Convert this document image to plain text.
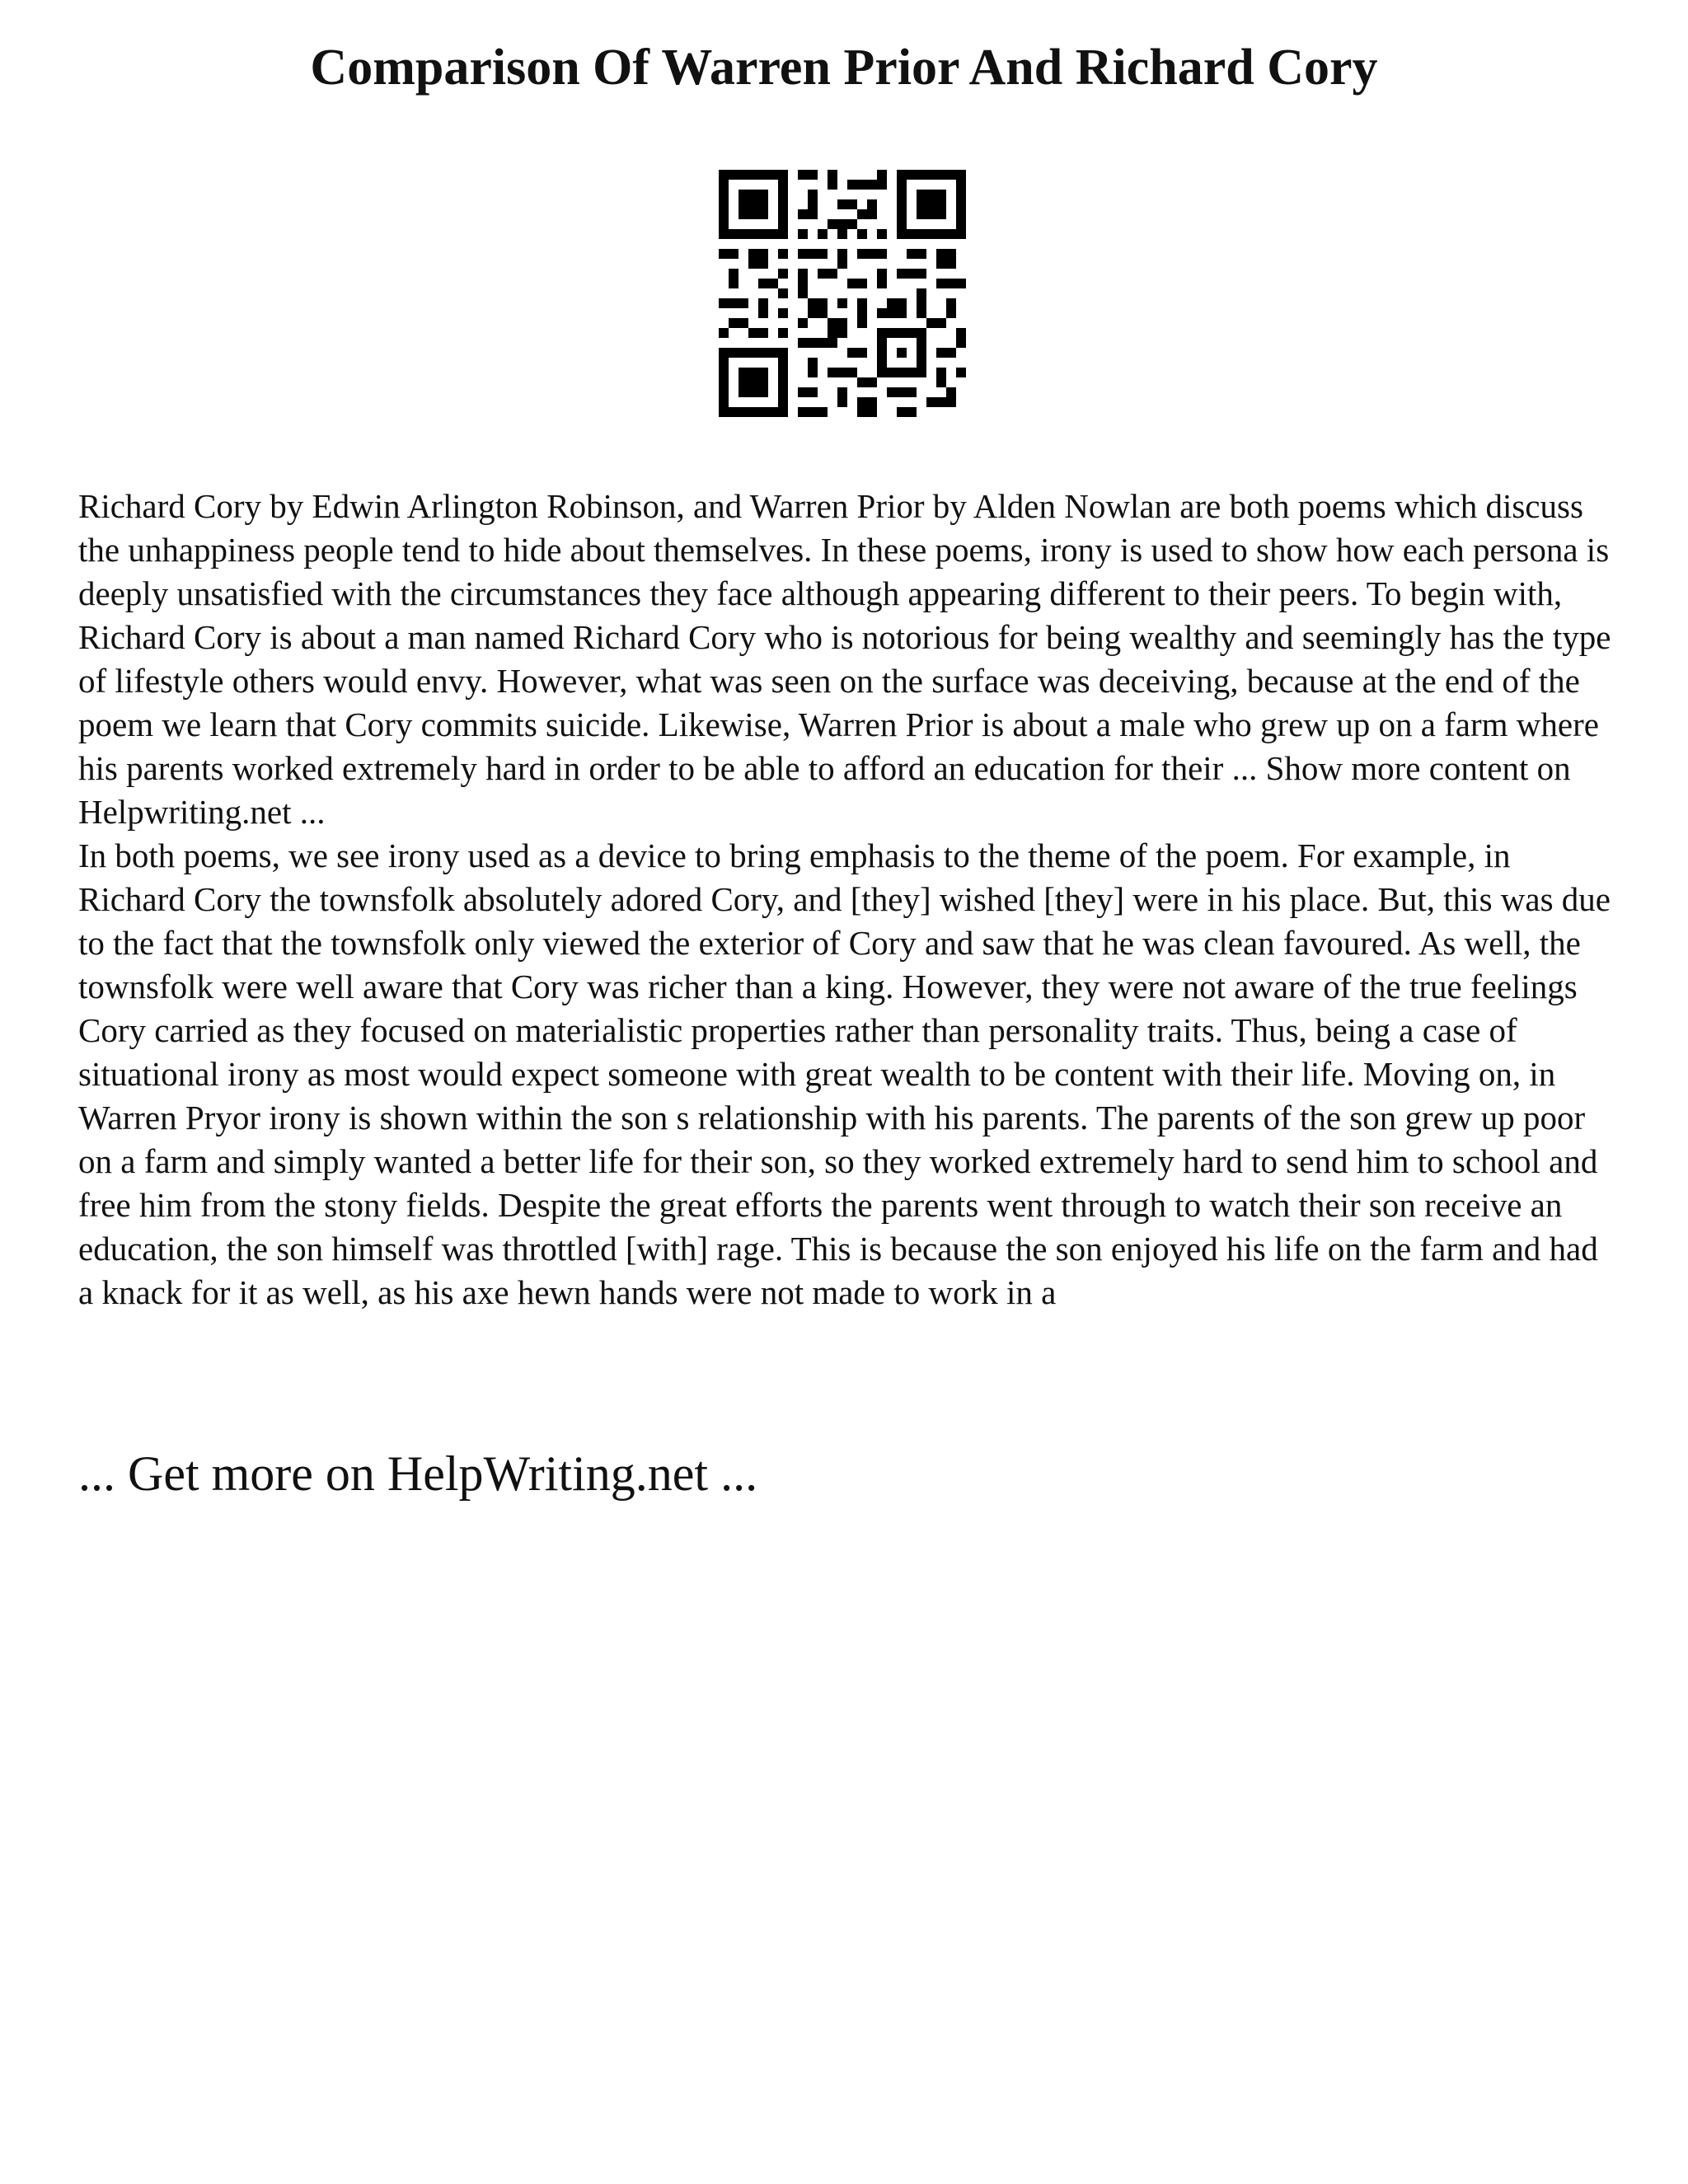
Comparison Of Warren Prior And Richard Cory

Richard Cory by Edwin Arlington Robinson, and Warren Prior by Alden Nowlan are both poems which discuss the unhappiness people tend to hide about themselves. In these poems, irony is used to show how each persona is deeply unsatisfied with the circumstances they face although appearing different to their peers. To begin with, Richard Cory is about a man named Richard Cory who is notorious for being wealthy and seemingly has the type of lifestyle others would envy. However, what was seen on the surface was deceiving, because at the end of the poem we learn that Cory commits suicide. Likewise, Warren Prior is about a male who grew up on a farm where his parents worked extremely hard in order to be able to afford an education for their ... Show more content on Helpwriting.net ...

In both poems, we see irony used as a device to bring emphasis to the theme of the poem. For example, in Richard Cory the townsfolk absolutely adored Cory, and [they] wished [they] were in his place. But, this was due to the fact that the townsfolk only viewed the exterior of Cory and saw that he was clean favoured. As well, the townsfolk were well aware that Cory was richer than a king. However, they were not aware of the true feelings Cory carried as they focused on materialistic properties rather than personality traits. Thus, being a case of situational irony as most would expect someone with great wealth to be content with their life. Moving on, in Warren Pryor irony is shown within the son s relationship with his parents. The parents of the son grew up poor on a farm and simply wanted a better life for their son, so they worked extremely hard to send him to school and free him from the stony fields. Despite the great efforts the parents went through to watch their son receive an education, the son himself was throttled [with] rage. This is because the son enjoyed his life on the farm and had a knack for it as well, as his axe hewn hands were not made to work in a

... Get more on HelpWriting.net ...
